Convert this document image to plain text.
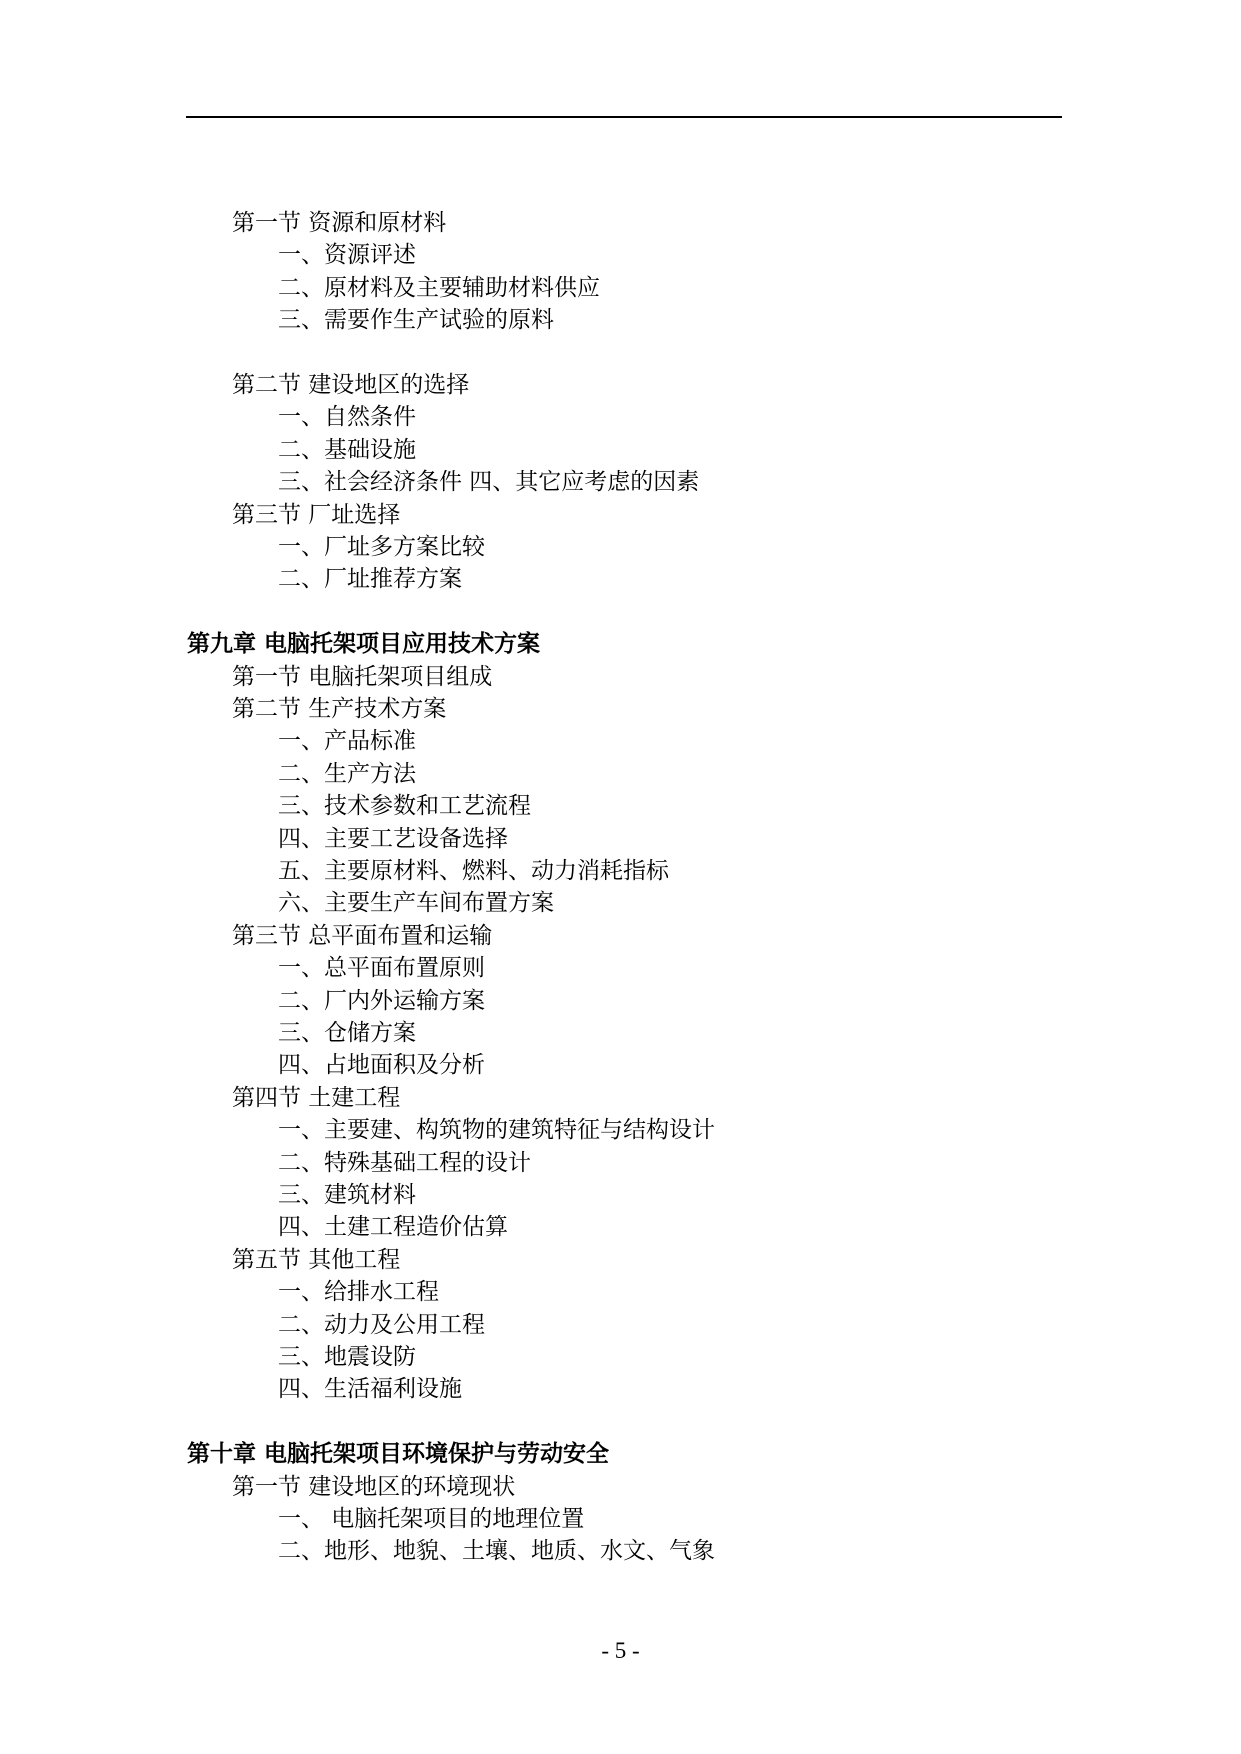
第一节 资源和原材料
一、资源评述
二、原材料及主要辅助材料供应
三、需要作生产试验的原料
第二节 建设地区的选择
一、自然条件
二、基础设施
三、社会经济条件 四、其它应考虑的因素
第三节 厂址选择
一、厂址多方案比较
二、厂址推荐方案
第九章 电脑托架项目应用技术方案
第一节 电脑托架项目组成
第二节 生产技术方案
一、产品标准
二、生产方法
三、技术参数和工艺流程
四、主要工艺设备选择
五、主要原材料、燃料、动力消耗指标
六、主要生产车间布置方案
第三节 总平面布置和运输
一、总平面布置原则
二、厂内外运输方案
三、仓储方案
四、占地面积及分析
第四节 土建工程
一、主要建、构筑物的建筑特征与结构设计
二、特殊基础工程的设计
三、建筑材料
四、土建工程造价估算
第五节 其他工程
一、给排水工程
二、动力及公用工程
三、地震设防
四、生活福利设施
第十章 电脑托架项目环境保护与劳动安全
第一节 建设地区的环境现状
一、 电脑托架项目的地理位置
二、地形、地貌、土壤、地质、水文、气象
- 5 -
